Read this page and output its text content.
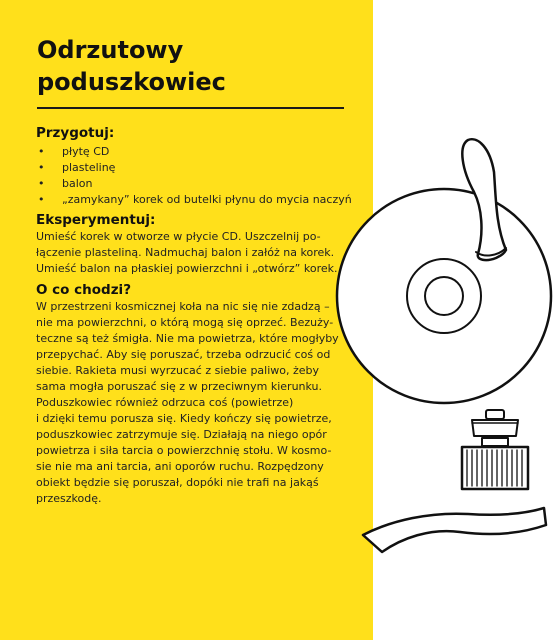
Odrzutowy
poduszkowiec
Przygotuj:
• płytę CD
• plastelinę
• balon
• „zamykany” korek od butelki płynu do mycia naczyń
Eksperymentuj:

Umieść korek w otworze w płycie CD. Uszczelnij po-
łączenie plasteliną. Nadmuchaj balon i załóż na korek.
Umieść balon na płaskiej powierzchni i „otwórz” korek.

O co chodzi?

W przestrzeni kosmicznej koła na nic się nie zdadzą –
nie ma powierzchni, o którą mogą się oprzeć. Bezuży-
teczne są też śmigła. Nie ma powietrza, które mogłyby
przepychać. Aby się poruszać, trzeba odrzucić coś od
siebie. Rakieta musi wyrzucać z siebie paliwo, żeby
sama mogła poruszać się z w przeciwnym kierunku.
Poduszkowiec również odrzuca coś (powietrze)
i dzięki temu porusza się. Kiedy kończy się powietrze,
poduszkowiec zatrzymuje się. Działają na niego opór
powietrza i siła tarcia o powierzchnię stołu. W kosmo-
sie nie ma ani tarcia, ani oporów ruchu. Rozpędzony
obiekt będzie się poruszał, dopóki nie trafi na jakąś
przeszkodę.
